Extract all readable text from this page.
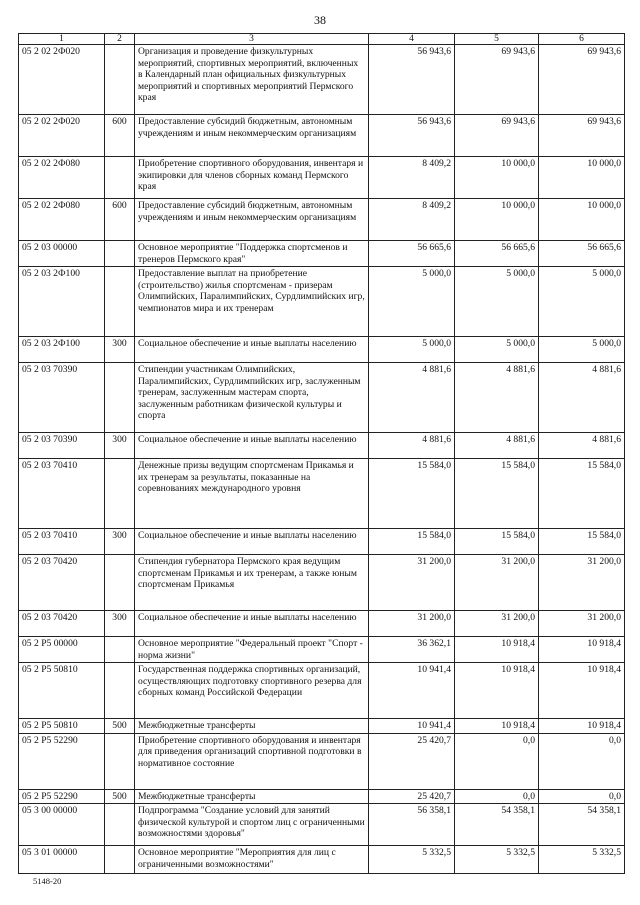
38
1	2	3	4	5	6
05 2 02 2Ф020		Организация и проведение физкультурных мероприятий, спортивных мероприятий, включенных в Календарный план официальных физкультурных мероприятий и спортивных мероприятий Пермского края	56 943,6	69 943,6	69 943,6
05 2 02 2Ф020	600	Предоставление субсидий бюджетным, автономным учреждениям и иным некоммерческим организациям	56 943,6	69 943,6	69 943,6
05 2 02 2Ф080		Приобретение спортивного оборудования, инвентаря и экипировки для членов сборных команд Пермского края	8 409,2	10 000,0	10 000,0
05 2 02 2Ф080	600	Предоставление субсидий бюджетным, автономным учреждениям и иным некоммерческим организациям	8 409,2	10 000,0	10 000,0
05 2 03 00000		Основное мероприятие "Поддержка спортсменов и тренеров Пермского края"	56 665,6	56 665,6	56 665,6
05 2 03 2Ф100		Предоставление выплат на приобретение (строительство) жилья спортсменам - призерам Олимпийских, Паралимпийских, Сурдлимпийских игр, чемпионатов мира и их тренерам	5 000,0	5 000,0	5 000,0
05 2 03 2Ф100	300	Социальное обеспечение и иные выплаты населению	5 000,0	5 000,0	5 000,0
05 2 03 70390		Стипендии участникам Олимпийских, Паралимпийских, Сурдлимпийских игр, заслуженным тренерам, заслуженным мастерам спорта, заслуженным работникам физической культуры и спорта	4 881,6	4 881,6	4 881,6
05 2 03 70390	300	Социальное обеспечение и иные выплаты населению	4 881,6	4 881,6	4 881,6
05 2 03 70410		Денежные призы ведущим спортсменам Прикамья и их тренерам за результаты, показанные на соревнованиях международного уровня	15 584,0	15 584,0	15 584,0
05 2 03 70410	300	Социальное обеспечение и иные выплаты населению	15 584,0	15 584,0	15 584,0
05 2 03 70420		Стипендия губернатора Пермского края ведущим спортсменам Прикамья и их тренерам, а также юным спортсменам Прикамья	31 200,0	31 200,0	31 200,0
05 2 03 70420	300	Социальное обеспечение и иные выплаты населению	31 200,0	31 200,0	31 200,0
05 2 Р5 00000		Основное мероприятие "Федеральный проект "Спорт - норма жизни"	36 362,1	10 918,4	10 918,4
05 2 Р5 50810		Государственная поддержка спортивных организаций, осуществляющих подготовку спортивного резерва для сборных команд Российской Федерации	10 941,4	10 918,4	10 918,4
05 2 Р5 50810	500	Межбюджетные трансферты	10 941,4	10 918,4	10 918,4
05 2 Р5 52290		Приобретение спортивного оборудования и инвентаря для приведения организаций спортивной подготовки в нормативное состояние	25 420,7	0,0	0,0
05 2 Р5 52290	500	Межбюджетные трансферты	25 420,7	0,0	0,0
05 3 00 00000		Подпрограмма "Создание условий для занятий физической культурой и спортом лиц с ограниченными возможностями здоровья"	56 358,1	54 358,1	54 358,1
05 3 01 00000		Основное мероприятие "Мероприятия для лиц с ограниченными возможностями"	5 332,5	5 332,5	5 332,5
5148-20
